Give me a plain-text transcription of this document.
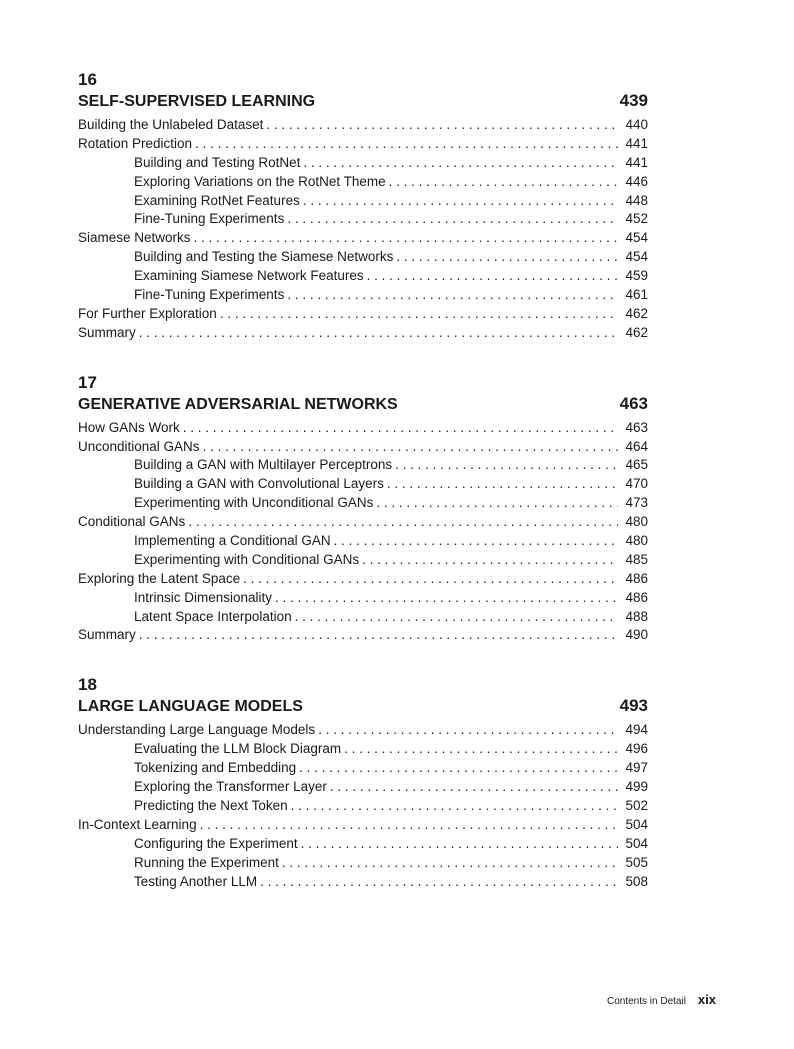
16
SELF-SUPERVISED LEARNING	439
Building the Unlabeled Dataset . . .	440
Rotation Prediction . . .	441
Building and Testing RotNet . . .	441
Exploring Variations on the RotNet Theme . . .	446
Examining RotNet Features . . .	448
Fine-Tuning Experiments . . .	452
Siamese Networks . . .	454
Building and Testing the Siamese Networks . . .	454
Examining Siamese Network Features . . .	459
Fine-Tuning Experiments . . .	461
For Further Exploration . . .	462
Summary . . .	462
17
GENERATIVE ADVERSARIAL NETWORKS	463
How GANs Work . . .	463
Unconditional GANs . . .	464
Building a GAN with Multilayer Perceptrons . . .	465
Building a GAN with Convolutional Layers . . .	470
Experimenting with Unconditional GANs . . .	473
Conditional GANs . . .	480
Implementing a Conditional GAN . . .	480
Experimenting with Conditional GANs . . .	485
Exploring the Latent Space . . .	486
Intrinsic Dimensionality . . .	486
Latent Space Interpolation . . .	488
Summary . . .	490
18
LARGE LANGUAGE MODELS	493
Understanding Large Language Models . . .	494
Evaluating the LLM Block Diagram . . .	496
Tokenizing and Embedding . . .	497
Exploring the Transformer Layer . . .	499
Predicting the Next Token . . .	502
In-Context Learning . . .	504
Configuring the Experiment . . .	504
Running the Experiment . . .	505
Testing Another LLM . . .	508
Contents in Detail xix
